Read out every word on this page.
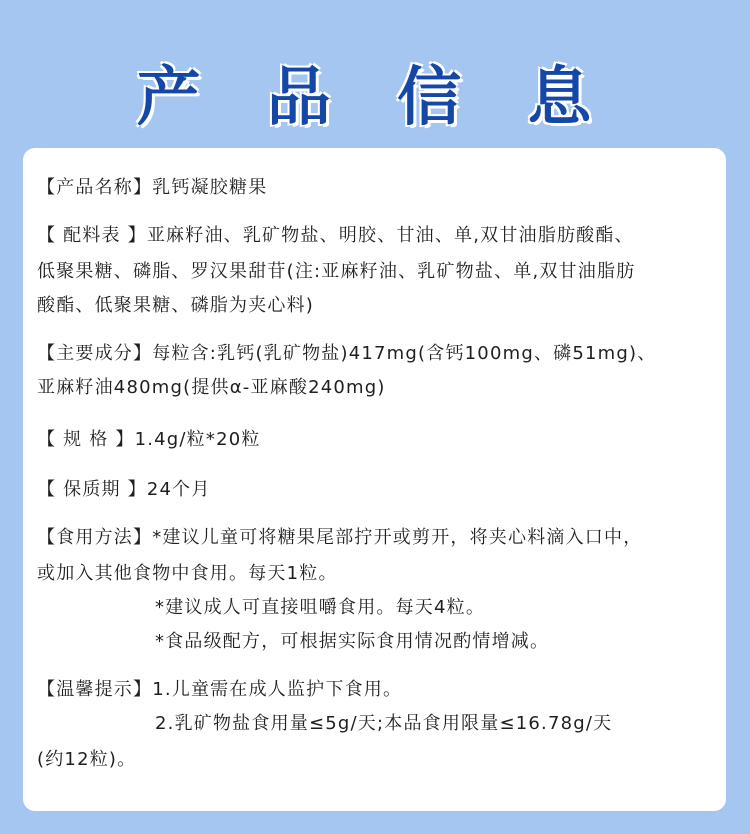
产 品 信 息
【产品名称】乳钙凝胶糖果
【 配料表 】亚麻籽油、乳矿物盐、明胶、甘油、单,双甘油脂肪酸酯、
低聚果糖、磷脂、罗汉果甜苷(注:亚麻籽油、乳矿物盐、单,双甘油脂肪
酸酯、低聚果糖、磷脂为夹心料)
【主要成分】每粒含:乳钙(乳矿物盐)417mg(含钙100mg、磷51mg)、
亚麻籽油480mg(提供α-亚麻酸240mg)
【 规 格 】1.4g/粒*20粒
【 保质期 】24个月
【食用方法】*建议儿童可将糖果尾部拧开或剪开，将夹心料滴入口中，
或加入其他食物中食用。每天1粒。
*建议成人可直接咀嚼食用。每天4粒。
*食品级配方，可根据实际食用情况酌情增减。
【温馨提示】1.儿童需在成人监护下食用。
2.乳矿物盐食用量≤5g/天;本品食用限量≤16.78g/天
(约12粒)。
